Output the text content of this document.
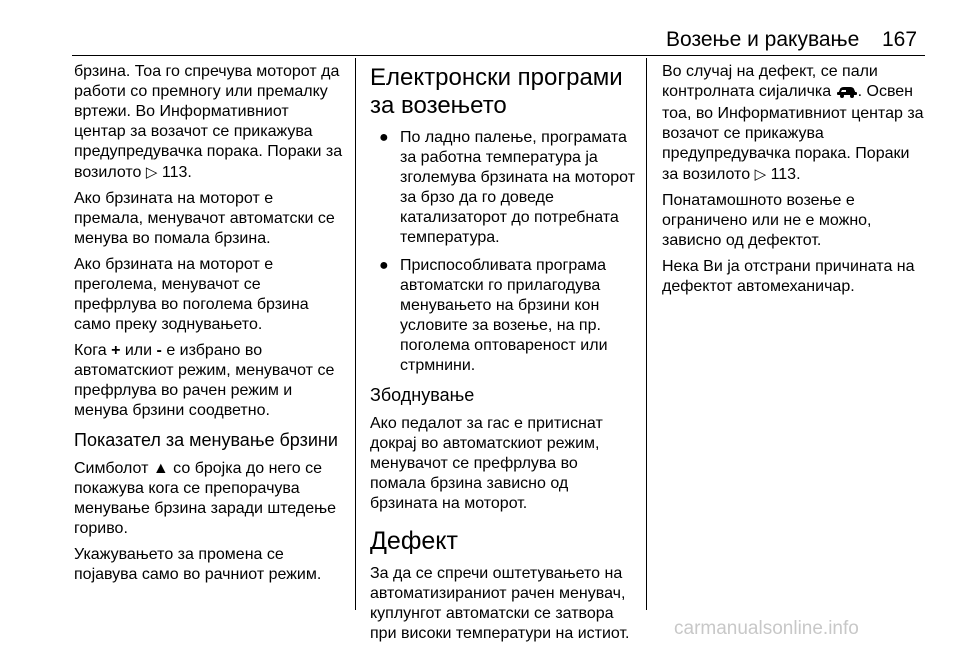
Возење и ракување 167

брзина. Тоа го спречува моторот да работи со премногу или премалку вртежи. Во Информативниот центар за возачот се прикажува предупредувачка порака. Пораки за возилото ▷ 113.

Ако брзината на моторот е премала, менувачот автоматски се менува во помала брзина.

Ако брзината на моторот е преголема, менувачот се префрлува во поголема брзина само преку зоднувањето.

Кога + или - е избрано во автоматскиот режим, менувачот се префрлува во рачен режим и менува брзини соодветно.

Показател за менување брзини

Симболот ▲ со бројка до него се покажува кога се препорачува менување брзина заради штедење гориво.

Укажувањето за промена се појавува само во рачниот режим.

Електронски програми за возењето
● По ладно палење, програмата за работна температура ја зголемува брзината на моторот за брзо да го доведе катализаторот до потребната температура.
● Приспособливата програма автоматски го прилагодува менувањето на брзини кон условите за возење, на пр. поголема оптовареност или стрмнини.
Збоднување

Ако педалот за гас е притиснат докрај во автоматскиот режим, менувачот се префрлува во помала брзина зависно од брзината на моторот.

Дефект

За да се спречи оштетувањето на автоматизираниот рачен менувач, куплунгот автоматски се затвора при високи температури на истиот.

Во случај на дефект, се пали контролната сијаличка . Освен тоа, во Информативниот центар за возачот се прикажува предупредувачка порака. Пораки за возилото ▷ 113.

Понатамошното возење е ограничено или не е можно, зависно од дефектот.

Нека Ви ја отстрани причината на дефектот автомеханичар.

carmanualsonline.info
